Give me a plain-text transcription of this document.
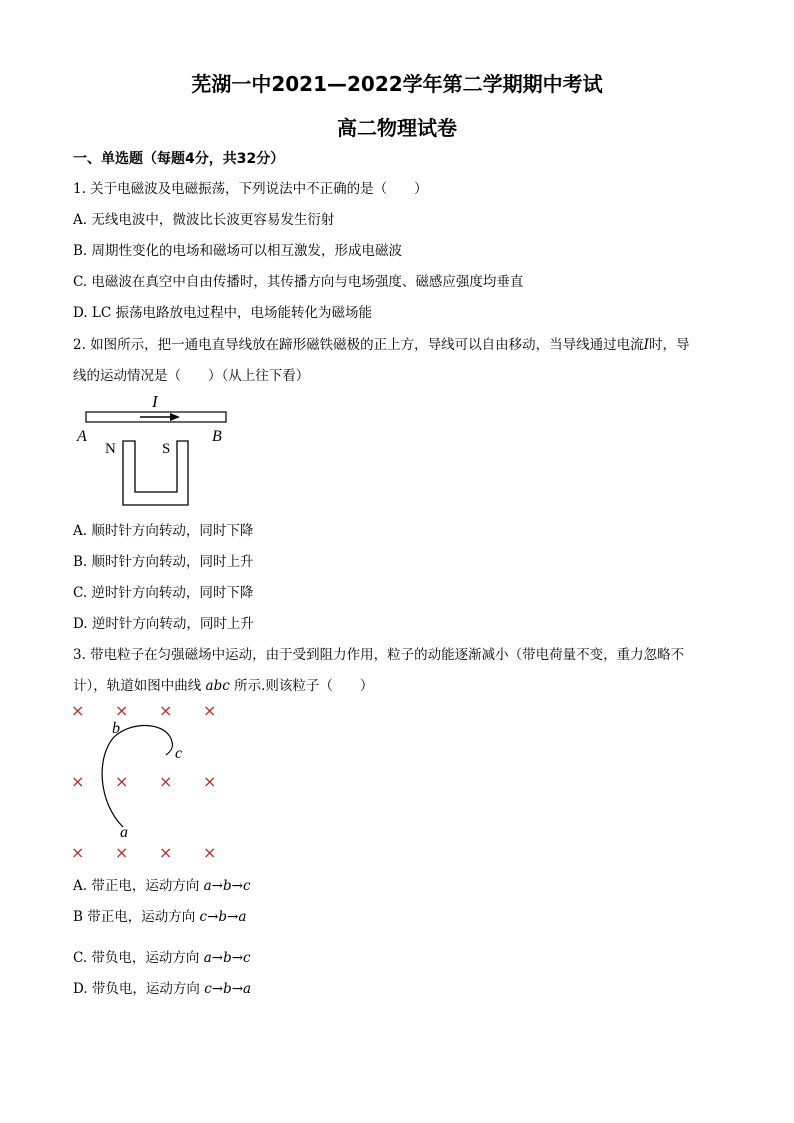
芜湖一中2021—2022学年第二学期期中考试
高二物理试卷
一、单选题（每题4分，共32分）
1. 关于电磁波及电磁振荡，下列说法中不正确的是（　　）
A. 无线电波中，微波比长波更容易发生衍射
B. 周期性变化的电场和磁场可以相互激发，形成电磁波
C. 电磁波在真空中自由传播时，其传播方向与电场强度、磁感应强度均垂直
D. LC 振荡电路放电过程中，电场能转化为磁场能
2. 如图所示，把一通电直导线放在蹄形磁铁磁极的正上方，导线可以自由移动，当导线通过电流I时，导
线的运动情况是（　　）（从上往下看）
I
A	B
N	S
A. 顺时针方向转动，同时下降
B. 顺时针方向转动，同时上升
C. 逆时针方向转动，同时下降
D. 逆时针方向转动，同时上升
3. 带电粒子在匀强磁场中运动，由于受到阻力作用，粒子的动能逐渐减小（带电荷量不变，重力忽略不
计），轨道如图中曲线 abc 所示.则该粒子（　　）
× × × ×
× × × ×
× × × ×
a
b
c
A. 带正电，运动方向 a→b→c
B 带正电，运动方向 c→b→a
C. 带负电，运动方向 a→b→c
D. 带负电，运动方向 c→b→a
